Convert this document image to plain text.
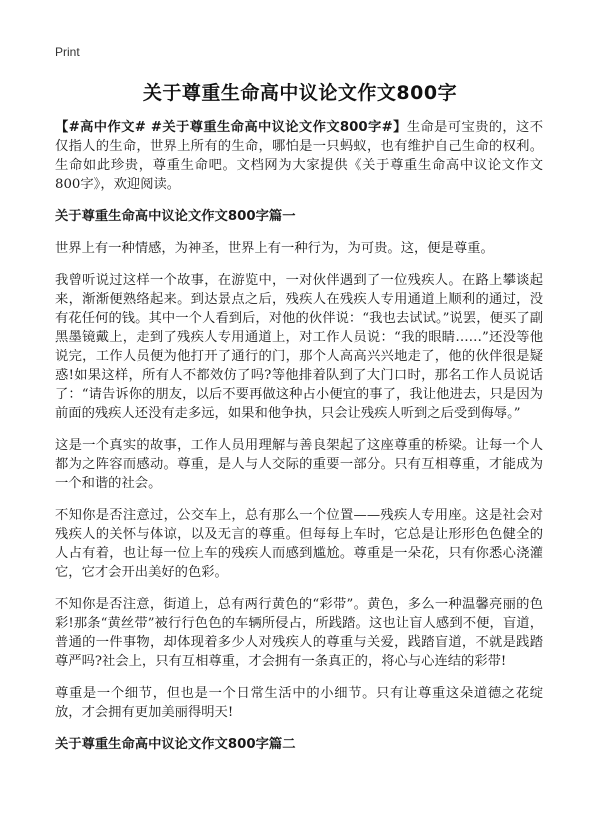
Print
关于尊重生命高中议论文作文800字

【#高中作文# #关于尊重生命高中议论文作文800字#】生命是可宝贵的，这不仅指人的生命，世界上所有的生命，哪怕是一只蚂蚁，也有维护自己生命的权利。生命如此珍贵，尊重生命吧。文档网为大家提供《关于尊重生命高中议论文作文800字》，欢迎阅读。

关于尊重生命高中议论文作文800字篇一

世界上有一种情感，为神圣，世界上有一种行为，为可贵。这，便是尊重。

我曾听说过这样一个故事，在游览中，一对伙伴遇到了一位残疾人。在路上攀谈起来，渐渐便熟络起来。到达景点之后，残疾人在残疾人专用通道上顺利的通过，没有花任何的钱。其中一个人看到后，对他的伙伴说：“我也去试试。”说罢，便买了副黑墨镜戴上，走到了残疾人专用通道上，对工作人员说：“我的眼睛……”还没等他说完，工作人员便为他打开了通行的门，那个人高高兴兴地走了，他的伙伴很是疑惑!如果这样，所有人不都效仿了吗?等他排着队到了大门口时，那名工作人员说话了：“请告诉你的朋友，以后不要再做这种占小便宜的事了，我让他进去，只是因为前面的残疾人还没有走多远，如果和他争执，只会让残疾人听到之后受到侮辱。”

这是一个真实的故事，工作人员用理解与善良架起了这座尊重的桥梁。让每一个人都为之阵容而感动。尊重，是人与人交际的重要一部分。只有互相尊重，才能成为一个和谐的社会。

不知你是否注意过，公交车上，总有那么一个位置——残疾人专用座。这是社会对残疾人的关怀与体谅，以及无言的尊重。但每每上车时，它总是让形形色色健全的人占有着，也让每一位上车的残疾人而感到尴尬。尊重是一朵花，只有你悉心浇灌它，它才会开出美好的色彩。

不知你是否注意，街道上，总有两行黄色的“彩带”。黄色，多么一种温馨亮丽的色彩!那条“黄丝带”被行行色色的车辆所侵占，所践踏。这也让盲人感到不便，盲道，普通的一件事物，却体现着多少人对残疾人的尊重与关爱，践踏盲道，不就是践踏尊严吗?社会上，只有互相尊重，才会拥有一条真正的，将心与心连结的彩带!

尊重是一个细节，但也是一个日常生活中的小细节。只有让尊重这朵道德之花绽放，才会拥有更加美丽得明天!

关于尊重生命高中议论文作文800字篇二
